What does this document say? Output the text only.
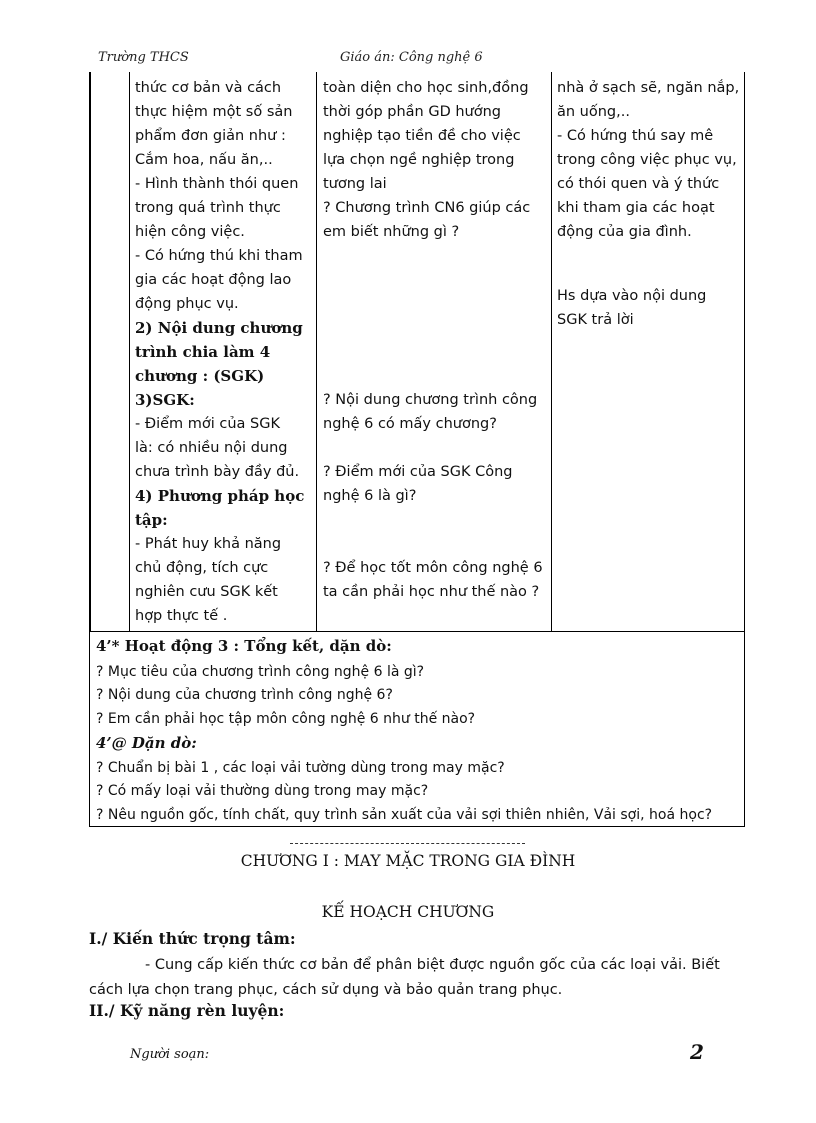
Trường THCS	Giáo án: Công nghệ 6

thức cơ bản và cách

thực hiệm một số sản

phẩm đơn giản như :

Cắm hoa, nấu ăn,..

- Hình thành thói quen

trong quá trình thực

hiện công việc.

- Có hứng thú khi tham

gia các hoạt động lao

động phục vụ.

2) Nội dung chương

trình chia làm 4

chương : (SGK)

3)SGK:

- Điểm mới của SGK

là: có nhiều nội dung

chưa trình bày đầy đủ.

4) Phương pháp học

tập:

- Phát huy khả năng

chủ động, tích cực

nghiên cưu SGK kết

hợp thực tế .

toàn diện cho học sinh,đồng

thời góp phần GD hướng

nghiệp tạo tiền đề cho việc

lựa chọn ngề nghiệp trong

tương lai

? Chương trình CN6 giúp các

em biết những gì ?

? Nội dung chương trình công

nghệ 6 có mấy chương?

? Điểm mới của SGK Công

nghệ 6 là gì?

? Để học tốt môn công nghệ 6

ta cần phải học như thế nào ?

nhà ở sạch sẽ, ngăn nắp,

ăn uống,..

- Có hứng thú say mê

trong công việc phục vụ,

có thói quen và ý thức

khi tham gia các hoạt

động của gia đình.

Hs dựa vào nội dung

SGK trả lời

4’* Hoạt động 3 : Tổng kết, dặn dò:
? Mục tiêu của chương trình công nghệ 6 là gì?
? Nội dung của chương trình công nghệ 6?
? Em cần phải học tập môn công nghệ 6 như thế nào?
4’@ Dặn dò:
? Chuẩn bị bài 1 , các loại vải tường dùng trong may mặc?
? Có mấy loại vải thường dùng trong may mặc?
? Nêu nguồn gốc, tính chất, quy trình sản xuất của vải sợi thiên nhiên, Vải sợi, hoá học?
CHƯƠNG I : MAY MẶC TRONG GIA ĐÌNH
KẾ HOẠCH CHƯƠNG
I./ Kiến thức trọng tâm:
- Cung cấp kiến thức cơ bản để phân biệt được nguồn gốc của các loại vải. Biết
cách lựa chọn trang phục, cách sử dụng và bảo quản trang phục.
II./ Kỹ năng rèn luyện:
Người soạn:	2
